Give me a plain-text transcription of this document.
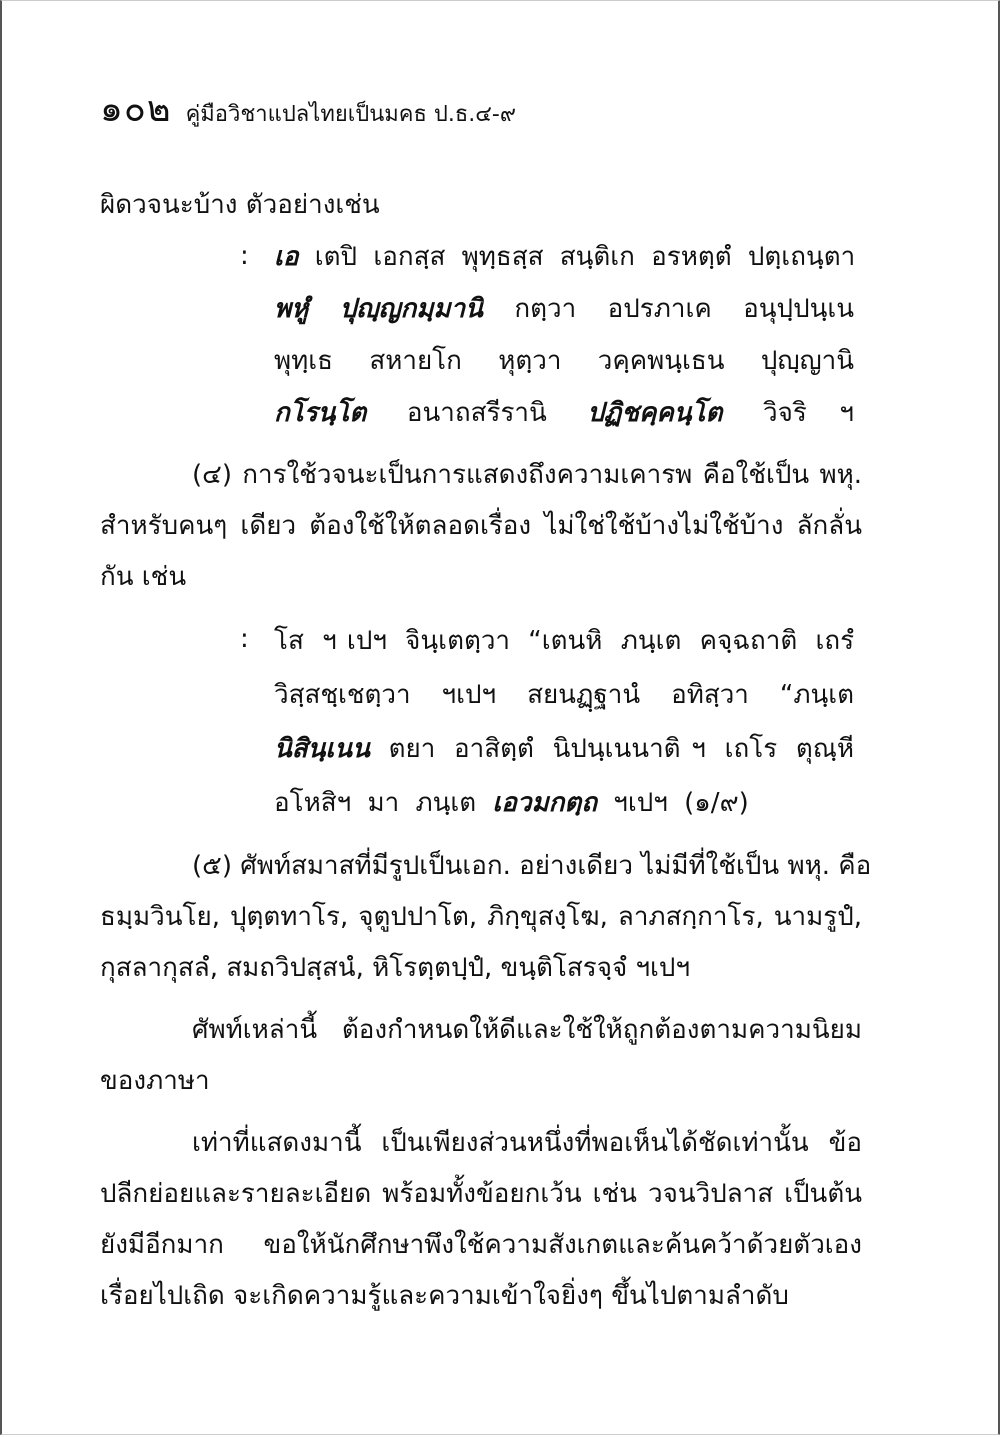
๑๐๒ คู่มือวิชาแปลไทยเป็นมคธ ป.ธ.๔-๙
ผิดวจนะบ้าง ตัวอย่างเช่น
: เอ เตปิ เอกสฺส พุทฺธสฺส สนฺติเก อรหตฺตํ ปตฺเถนฺตา
พหูํ ปุญฺญกมฺมานิ กตฺวา อปรภาเค อนุปฺปนฺเน
พุทฺเธ สหายโก หุตฺวา วคฺคพนฺเธน ปุญฺญานิ
กโรนฺโต อนาถสรีรานิ ปฏิชคฺคนฺโต วิจริ ฯ
(๔) การใช้วจนะเป็นการแสดงถึงความเคารพ คือใช้เป็น พหุ.
สำหรับคนๆ เดียว ต้องใช้ให้ตลอดเรื่อง ไม่ใช่ใช้บ้างไม่ใช้บ้าง ลักลั่น
กัน เช่น
: โส ฯ เปฯ จินฺเตตฺวา “เตนหิ ภนฺเต คจฺฉถาติ เถรํ
วิสฺสชฺเชตฺวา ฯเปฯ สยนฏฺฐานํ อทิสฺวา “ภนฺเต
นิสินฺเนน ตยา อาสิตฺตํ นิปนฺเนนาติ ฯ เถโร ตุณฺหี
อโหสิฯ มา ภนฺเต เอวมกตฺถ ฯเปฯ (๑/๙)
(๕) ศัพท์สมาสที่มีรูปเป็นเอก. อย่างเดียว ไม่มีที่ใช้เป็น พหุ. คือ
ธมฺมวินโย, ปุตฺตทาโร, จุตูปปาโต, ภิกฺขุสงฺโฆ, ลาภสกฺกาโร, นามรูปํ,
กุสลากุสลํ, สมถวิปสฺสนํ, หิโรตฺตปฺปํ, ขนฺติโสรจฺจํ ฯเปฯ
ศัพท์เหล่านี้ ต้องกำหนดให้ดีและใช้ให้ถูกต้องตามความนิยม
ของภาษา
เท่าที่แสดงมานี้ เป็นเพียงส่วนหนึ่งที่พอเห็นได้ชัดเท่านั้น ข้อ
ปลีกย่อยและรายละเอียด พร้อมทั้งข้อยกเว้น เช่น วจนวิปลาส เป็นต้น
ยังมีอีกมาก ขอให้นักศึกษาพึงใช้ความสังเกตและค้นคว้าด้วยตัวเอง
เรื่อยไปเถิด จะเกิดความรู้และความเข้าใจยิ่งๆ ขึ้นไปตามลำดับ
